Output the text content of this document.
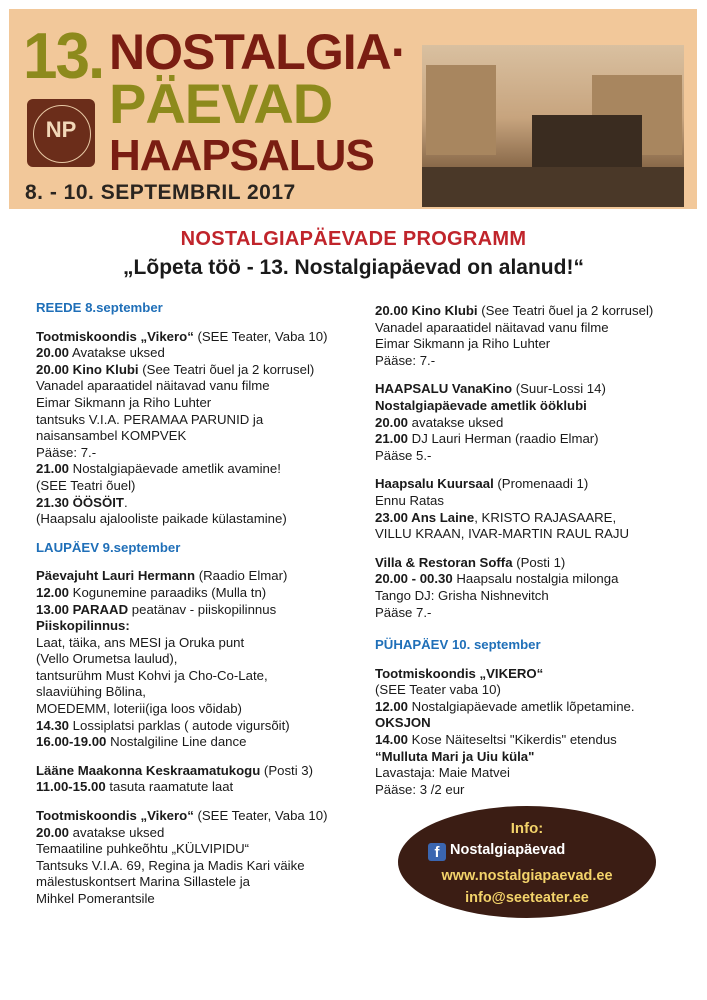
13. NOSTALGIA·
PÄEVAD
HAAPSALUS
NP
8. - 10. SEPTEMBRIL 2017
NOSTALGIAPÄEVADE PROGRAMM
„Lõpeta töö - 13. Nostalgiapäevad on alanud!“
REEDE 8.september
Tootmiskoondis „Vikero“ (SEE Teater, Vaba 10)
20.00 Avatakse uksed
20.00 Kino Klubi (See Teatri õuel ja 2 korrusel)
Vanadel aparaatidel näitavad vanu filme
Eimar Sikmann ja Riho Luhter
tantsuks V.I.A. PERAMAA PARUNID ja
naisansambel KOMPVEK
Pääse: 7.-
21.00 Nostalgiapäevade ametlik avamine!
(SEE Teatri õuel)
21.30 ÖÖSÖIT.
(Haapsalu ajalooliste paikade külastamine)
LAUPÄEV 9.september
Päevajuht Lauri Hermann (Raadio Elmar)
12.00 Kogunemine paraadiks (Mulla tn)
13.00 PARAAD peatänav - piiskopilinnus
Piiskopilinnus:
Laat, täika, ans MESI ja Oruka punt
(Vello Orumetsa laulud),
tantsurühm Must Kohvi ja Cho-Co-Late,
slaaviühing Bõlina,
MOEDEMM, loterii(iga loos võidab)
14.30 Lossiplatsi parklas ( autode vigursõit)
16.00-19.00 Nostalgiline Line dance
Lääne Maakonna Keskraamatukogu (Posti 3)
11.00-15.00 tasuta raamatute laat
Tootmiskoondis „Vikero“ (SEE Teater, Vaba 10)
20.00 avatakse uksed
Temaatiline puhkeõhtu „KÜLVIPIDU“
Tantsuks V.I.A. 69, Regina ja Madis Kari väike
mälestuskontsert Marina Sillastele ja
Mihkel Pomerantsile
20.00 Kino Klubi (See Teatri õuel ja 2 korrusel)
Vanadel aparaatidel näitavad vanu filme
Eimar Sikmann ja Riho Luhter
Pääse: 7.-
HAAPSALU VanaKino (Suur-Lossi 14)
Nostalgiapäevade ametlik ööklubi
20.00 avatakse uksed
21.00 DJ Lauri Herman (raadio Elmar)
Pääse 5.-
Haapsalu Kuursaal (Promenaadi 1)
Ennu Ratas
23.00 Ans Laine, KRISTO RAJASAARE,
VILLU KRAAN, IVAR-MARTIN RAUL RAJU
Villa & Restoran Soffa (Posti 1)
20.00 - 00.30 Haapsalu nostalgia milonga
Tango DJ: Grisha Nishnevitch
Pääse 7.-
PÜHAPÄEV 10. september
Tootmiskoondis „VIKERO“
(SEE Teater vaba 10)
12.00 Nostalgiapäevade ametlik lõpetamine.
OKSJON
14.00 Kose Näiteseltsi "Kikerdis" etendus
“Mulluta Mari ja Uiu küla"
Lavastaja: Maie Matvei
Pääse: 3 /2 eur
Info:
f Nostalgiapäevad
www.nostalgiapaevad.ee
info@seeteater.ee
